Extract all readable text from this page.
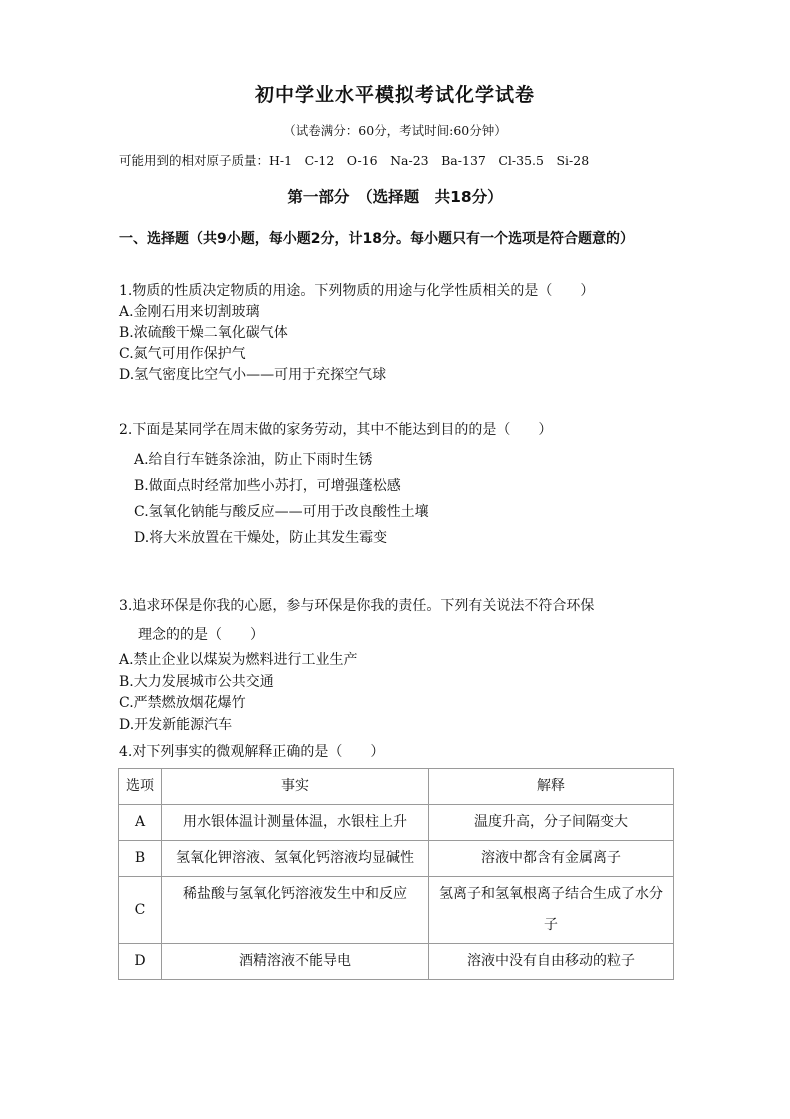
初中学业水平模拟考试化学试卷
（试卷满分：60分，考试时间:60分钟）
可能用到的相对原子质量：H-1　C-12　O-16　Na-23　Ba-137　Cl-35.5　Si-28
第一部分　（选择题　共18分）
一、选择题（共9小题，每小题2分，计18分。每小题只有一个选项是符合题意的）
1.物质的性质决定物质的用途。下列物质的用途与化学性质相关的是（　　）
A.金刚石用来切割玻璃
B.浓硫酸干燥二氧化碳气体
C.氮气可用作保护气
D.氢气密度比空气小——可用于充探空气球
2.下面是某同学在周末做的家务劳动，其中不能达到目的的是（　　）
A.给自行车链条涂油，防止下雨时生锈
B.做面点时经常加些小苏打，可增强蓬松感
C.氢氧化钠能与酸反应——可用于改良酸性土壤
D.将大米放置在干燥处，防止其发生霉变
3.追求环保是你我的心愿，参与环保是你我的责任。下列有关说法不符合环保
理念的的是（　　）
A.禁止企业以煤炭为燃料进行工业生产
B.大力发展城市公共交通
C.严禁燃放烟花爆竹
D.开发新能源汽车
4.对下列事实的微观解释正确的是（　　）
选项	事实	解释
A	用水银体温计测量体温，水银柱上升	温度升高，分子间隔变大
B	氢氧化钾溶液、氢氧化钙溶液均显碱性	溶液中都含有金属离子
C	稀盐酸与氢氧化钙溶液发生中和反应	氢离子和氢氧根离子结合生成了水分子
D	酒精溶液不能导电	溶液中没有自由移动的粒子
